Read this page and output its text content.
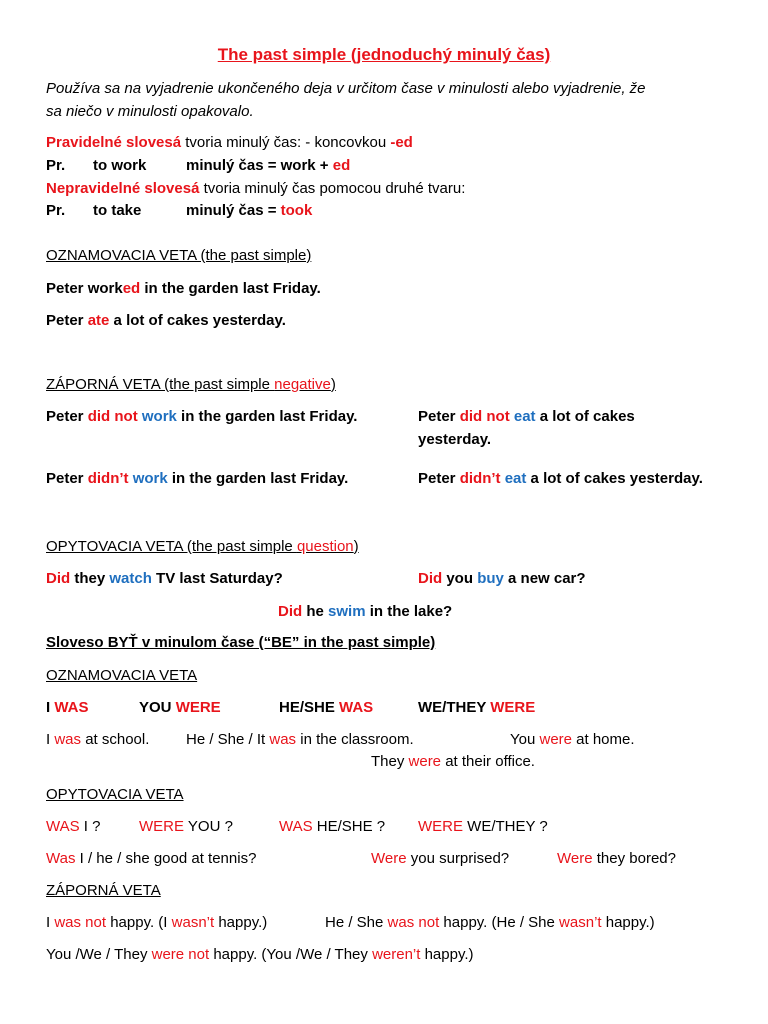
The past simple (jednoduchý minulý čas)
Používa sa na vyjadrenie ukončeného deja v určitom čase v minulosti alebo vyjadrenie, že
sa niečo v minulosti opakovalo.
Pravidelné slovesá tvoria minulý čas: - koncovkou -ed
Pr. to work	minulý čas = work + ed
Nepravidelné slovesá tvoria minulý čas pomocou druhé tvaru:
Pr. to take	minulý čas = took
OZNAMOVACIA VETA (the past simple)
Peter worked in the garden last Friday.
Peter ate a lot of cakes yesterday.
ZÁPORNÁ VETA (the past simple negative)
Peter did not work in the garden last Friday.	Peter did not eat a lot of cakes
yesterday.
Peter didn’t work in the garden last Friday.	Peter didn’t eat a lot of cakes yesterday.
OPYTOVACIA VETA (the past simple question)
Did they watch TV last Saturday?	Did you buy a new car?
Did he swim in the lake?
Sloveso BYŤ v minulom čase (“BE” in the past simple)
OZNAMOVACIA VETA
I WAS	YOU WERE	HE/SHE WAS	WE/THEY WERE
I was at school. He / She / It was in the classroom.	You were at home.
They were at their office.
OPYTOVACIA VETA
WAS I ?	WERE YOU ?	WAS HE/SHE ? WERE WE/THEY ?
Was I / he / she good at tennis?	Were you surprised?	Were they bored?
ZÁPORNÁ VETA
I was not happy. (I wasn’t happy.)	He / She was not happy. (He / She wasn’t happy.)
You /We / They were not happy. (You /We / They weren’t happy.)
